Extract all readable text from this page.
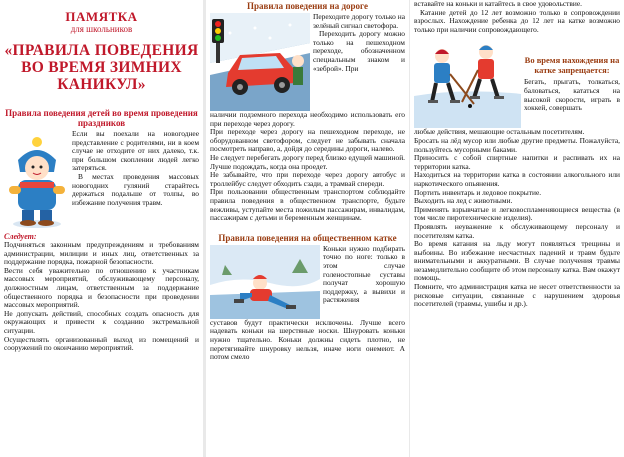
ПАМЯТКА
для школьников
«ПРАВИЛА ПОВЕДЕНИЯ
ВО ВРЕМЯ ЗИМНИХ
КАНИКУЛ»
Правила поведения детей во время проведения праздников

Если вы поехали на новогоднее представление с родителями, ни в коем случае не отходите от них далеко, т.к. при большом скоплении людей легко затеряться.

В местах проведения массовых новогодних гуляний старайтесь держаться подальше от толпы, во избежание получения травм.

Следует:

Подчиняться законным предупреждениям и требованиям администрации, милиции и иных лиц, ответственных за поддержание порядка, пожарной безопасности.

Вести себя уважительно по отношению к участникам массовых мероприятий, обслуживающему персоналу, должностным лицам, ответственным за поддержание общественного порядка и безопасности при проведении массовых мероприятий.

Не допускать действий, способных создать опасность для окружающих и привести к созданию экстремальной ситуации.

Осуществлять организованный выход из помещений и сооружений по окончанию мероприятий.

Правила поведения на дороге

Переходите дорогу только на зелёный сигнал светофора.

Переходить дорогу можно только на пешеходном переходе, обозначенном специальным знаком и «зеброй». При

наличии подземного перехода необходимо использовать его при переходе через дорогу.

При переходе через дорогу на пешеходном переходе, не оборудованном светофором, следует не забывать сначала посмотреть направо, а, дойдя до середины дороги, налево.

Не следует перебегать дорогу перед близко едущей машиной. Лучше подождать, когда она проедет.

Не забывайте, что при переходе через дорогу автобус и троллейбус следует обходить сзади, а трамвай спереди.

При пользовании общественным транспортом соблюдайте правила поведения в общественном транспорте, будьте вежливы, уступайте места пожилым пассажирам, инвалидам, пассажирам с детьми и беременным женщинам.

Правила поведения на общественном катке

Коньки нужно подбирать точно по ноге: только в этом случае голеностопные суставы получат хорошую поддержку, а вывихи и растяжения

суставов будут практически исключены. Лучше всего надевать коньки на шерстяные носки. Шнуровать коньки нужно тщательно. Коньки должны сидеть плотно, не перетягивайте шнуровку нельзя, иначе ноги онемеют. А потом смело

вставайте на коньки и катайтесь в свое удовольствие.

Катание детей до 12 лет возможно только в сопровождении взрослых. Нахождение ребенка до 12 лет на катке возможно только при наличии сопровождающего.

Во время нахождения на катке запрещается:

Бегать, прыгать, толкаться, баловаться, кататься на высокой скорости, играть в хоккей, совершать

любые действия, мешающие остальным посетителям.

Бросать на лёд мусор или любые другие предметы. Пожалуйста, пользуйтесь мусорными баками.

Приносить с собой спиртные напитки и распивать их на территории катка.

Находиться на территории катка в состоянии алкогольного или наркотического опьянения.

Портить инвентарь и ледовое покрытие.

Выходить на лед с животными.

Применять взрывчатые и легковоспламеняющиеся вещества (в том числе пиротехнические изделия).

Проявлять неуважение к обслуживающему персоналу и посетителям катка.

Во время катания на льду могут появляться трещины и выбоины. Во избежание несчастных падений и травм будьте внимательными и аккуратными. В случае получения травмы незамедлительно сообщите об этом персоналу катка. Вам окажут помощь.

Помните, что администрация катка не несет ответственности за рисковые ситуации, связанные с нарушением здоровья посетителей (травмы, ушибы и др.).
